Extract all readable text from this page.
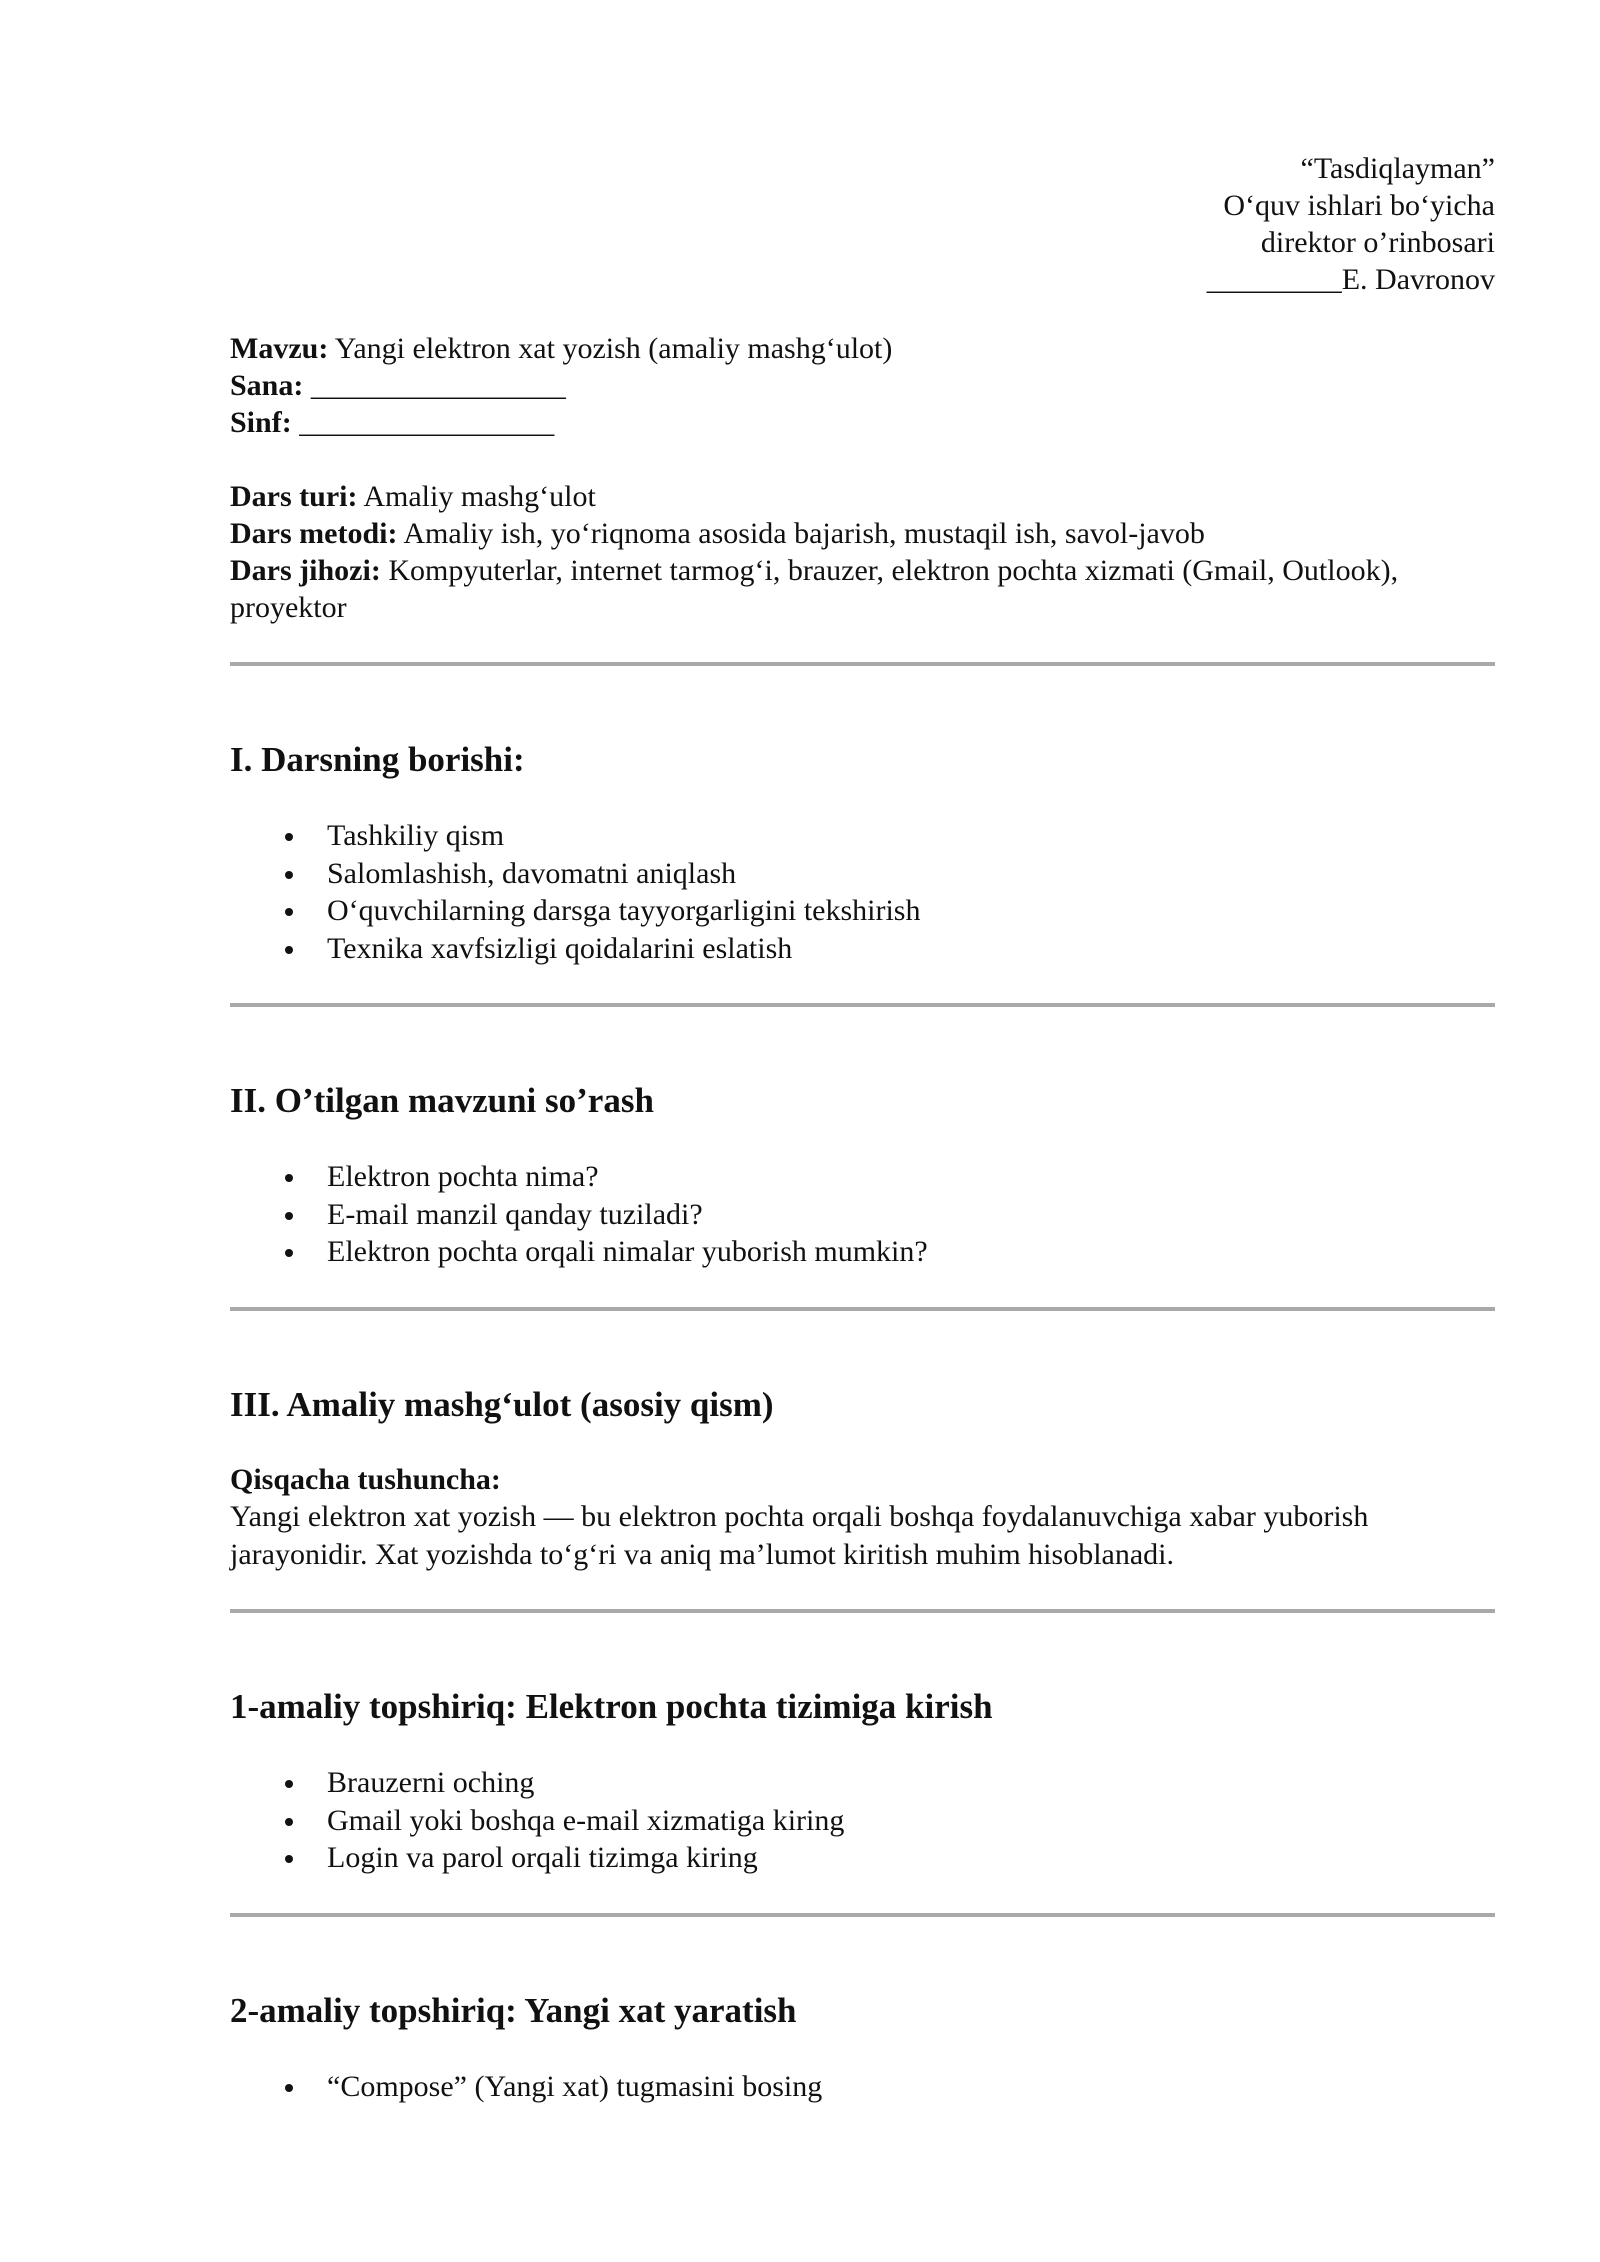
“Tasdiqlayman”
O‘quv ishlari bo‘yicha
direktor o’rinbosari
_________E. Davronov
Mavzu: Yangi elektron xat yozish (amaliy mashg‘ulot)
Sana: _________________
Sinf: _________________
Dars turi: Amaliy mashg‘ulot
Dars metodi: Amaliy ish, yo‘riqnoma asosida bajarish, mustaqil ish, savol-javob
Dars jihozi: Kompyuterlar, internet tarmog‘i, brauzer, elektron pochta xizmati (Gmail, Outlook), proyektor
I. Darsning borishi:
Tashkiliy qism
Salomlashish, davomatni aniqlash
O‘quvchilarning darsga tayyorgarligini tekshirish
Texnika xavfsizligi qoidalarini eslatish
II. O’tilgan mavzuni so’rash
Elektron pochta nima?
E-mail manzil qanday tuziladi?
Elektron pochta orqali nimalar yuborish mumkin?
III. Amaliy mashg‘ulot (asosiy qism)
Qisqacha tushuncha:
Yangi elektron xat yozish — bu elektron pochta orqali boshqa foydalanuvchiga xabar yuborish jarayonidir. Xat yozishda to‘g‘ri va aniq ma’lumot kiritish muhim hisoblanadi.
1-amaliy topshiriq: Elektron pochta tizimiga kirish
Brauzerni oching
Gmail yoki boshqa e-mail xizmatiga kiring
Login va parol orqali tizimga kiring
2-amaliy topshiriq: Yangi xat yaratish
“Compose” (Yangi xat) tugmasini bosing
